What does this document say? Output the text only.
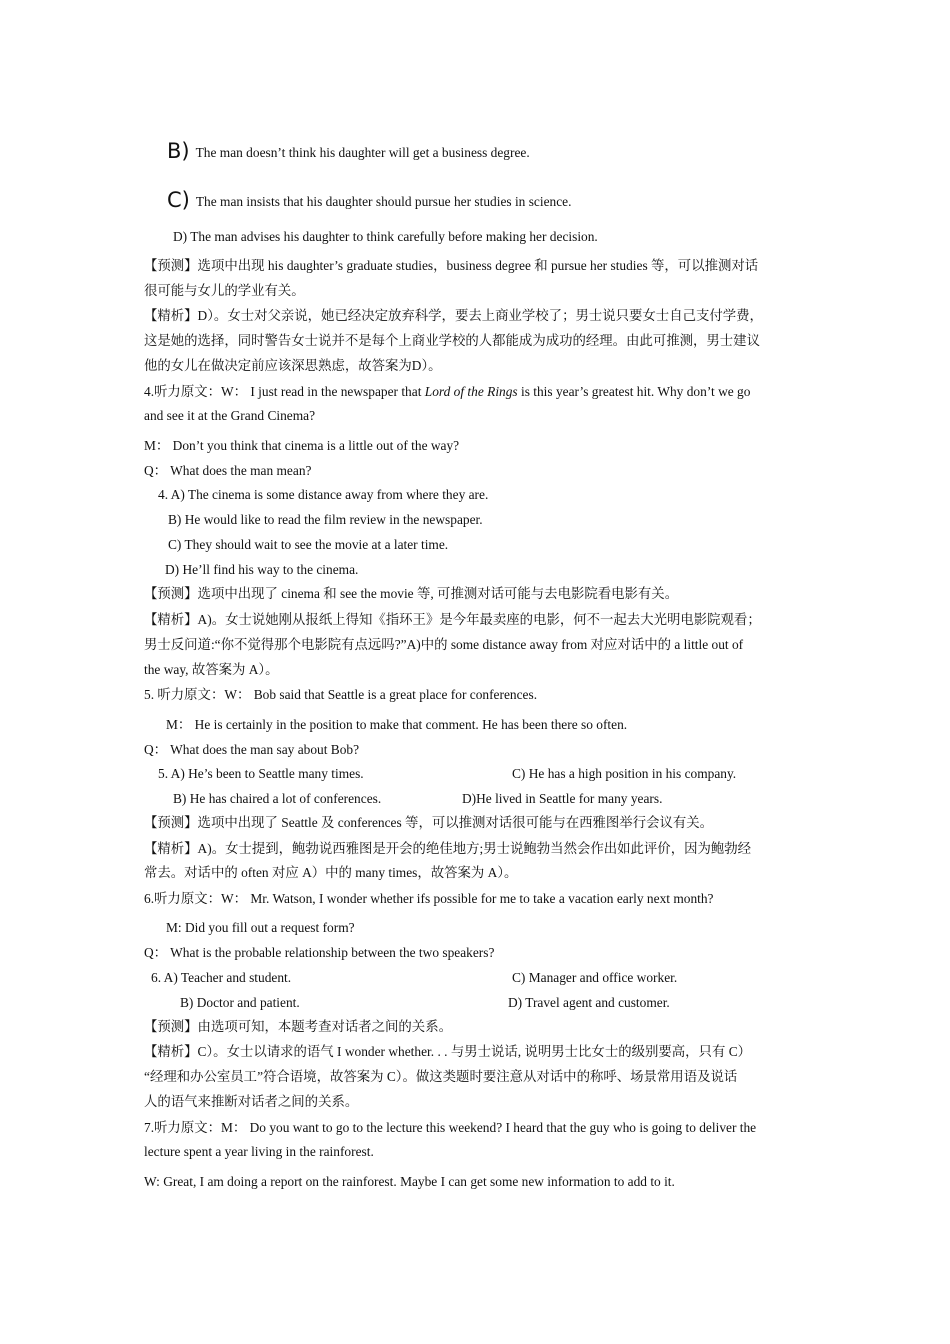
B) The man doesn’t think his daughter will get a business degree.
C) The man insists that his daughter should pursue her studies in science.
D) The man advises his daughter to think carefully before making her decision.
【预测】选项中出现 his daughter’s graduate studies，business degree 和 pursue her studies 等，可以推测对话
很可能与女儿的学业有关。
【精析】D）。女士对父亲说，她已经决定放弃科学，要去上商业学校了；男士说只要女士自己支付学费，
这是她的选择，同时警告女士说并不是每个上商业学校的人都能成为成功的经理。由此可推测，男士建议
他的女儿在做决定前应该深思熟虑，故答案为D）。
4.听力原文：W： I just read in the newspaper that Lord of the Rings is this year’s greatest hit. Why don’t we go
and see it at the Grand Cinema?
M： Don’t you think that cinema is a little out of the way?
Q： What does the man mean?
4. A) The cinema is some distance away from where they are.
B) He would like to read the film review in the newspaper.
C) They should wait to see the movie at a later time.
D) He’ll find his way to the cinema.
【预测】选项中出现了 cinema 和 see the movie 等, 可推测对话可能与去电影院看电影有关。
【精析】A)。女士说她刚从报纸上得知《指环王》是今年最卖座的电影，何不一起去大光明电影院观看；
男士反问道:“你不觉得那个电影院有点远吗?”A)中的 some distance away from 对应对话中的 a little out of
the way, 故答案为 A）。
5. 听力原文：W： Bob said that Seattle is a great place for conferences.
M： He is certainly in the position to make that comment. He has been there so often.
Q： What does the man say about Bob?
5. A) He’s been to Seattle many times.	C) He has a high position in his company.
B) He has chaired a lot of conferences.	D)He lived in Seattle for many years.
【预测】选项中出现了 Seattle 及 conferences 等，可以推测对话很可能与在西雅图举行会议有关。
【精析】A)。女士提到，鲍勃说西雅图是开会的绝佳地方;男士说鲍勃当然会作出如此评价，因为鲍勃经
常去。对话中的 often 对应 A）中的 many times，故答案为 A）。
6.听力原文：W： Mr. Watson, I wonder whether ifs possible for me to take a vacation early next month?
M: Did you fill out a request form?
Q： What is the probable relationship between the two speakers?
6. A) Teacher and student.	C) Manager and office worker.
B) Doctor and patient.	D) Travel agent and customer.
【预测】由选项可知，本题考查对话者之间的关系。
【精析】C）。女士以请求的语气 I wonder whether. . . 与男士说话, 说明男士比女士的级别要高，只有 C）
“经理和办公室员工”符合语境，故答案为 C）。做这类题时要注意从对话中的称呼、场景常用语及说话
人的语气来推断对话者之间的关系。
7.听力原文：M： Do you want to go to the lecture this weekend? I heard that the guy who is going to deliver the
lecture spent a year living in the rainforest.
W: Great, I am doing a report on the rainforest. Maybe I can get some new information to add to it.
